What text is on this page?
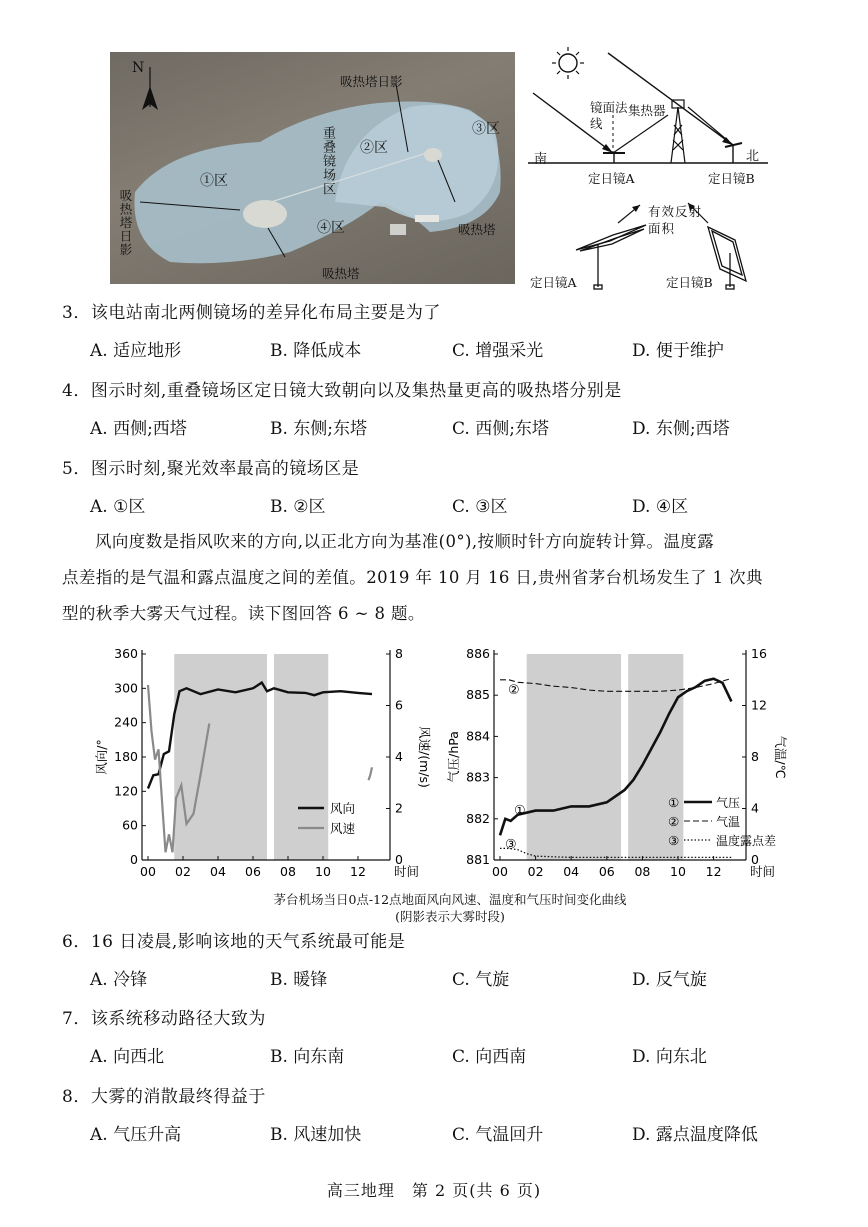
N
①区
②区
③区
④区
重叠镜场区
吸热塔日影
吸热塔日影	吸热塔
吸热塔
南	北
镜面法线
集热器
定日镜A	定日镜B
有效反射面积
定日镜A	定日镜B
3．该电站南北两侧镜场的差异化布局主要是为了
A. 适应地形	B. 降低成本	C. 增强采光	D. 便于维护
4．图示时刻,重叠镜场区定日镜大致朝向以及集热量更高的吸热塔分别是
A. 西侧;西塔	B. 东侧;东塔	C. 西侧;东塔	D. 东侧;西塔
5．图示时刻,聚光效率最高的镜场区是
A. ①区	B. ②区	C. ③区	D. ④区
风向度数是指风吹来的方向,以正北方向为基准(0°),按顺时针方向旋转计算。温度露
点差指的是气温和露点温度之间的差值。2019 年 10 月 16 日,贵州省茅台机场发生了 1 次典
型的秋季大雾天气过程。读下图回答 6 ~ 8 题。
0
60
120
180
240
300
360
0
2
4
6
8
00 02 04 06 08 10 12 时间
风向/°	风速/(m/s)
风向
风速
881
882
883
884
885
886
0
4
8
12
16
00 02 04 06 08 10 12 时间
气压/hPa	气温/℃
①	气压
②	气温
③	温度露点差
②
①
③
茅台机场当日0点-12点地面风向风速、温度和气压时间变化曲线
(阴影表示大雾时段)
6．16 日凌晨,影响该地的天气系统最可能是
A. 冷锋	B. 暖锋	C. 气旋	D. 反气旋
7．该系统移动路径大致为
A. 向西北	B. 向东南	C. 向西南	D. 向东北
8．大雾的消散最终得益于
A. 气压升高	B. 风速加快	C. 气温回升	D. 露点温度降低
高三地理　第 2 页(共 6 页)
